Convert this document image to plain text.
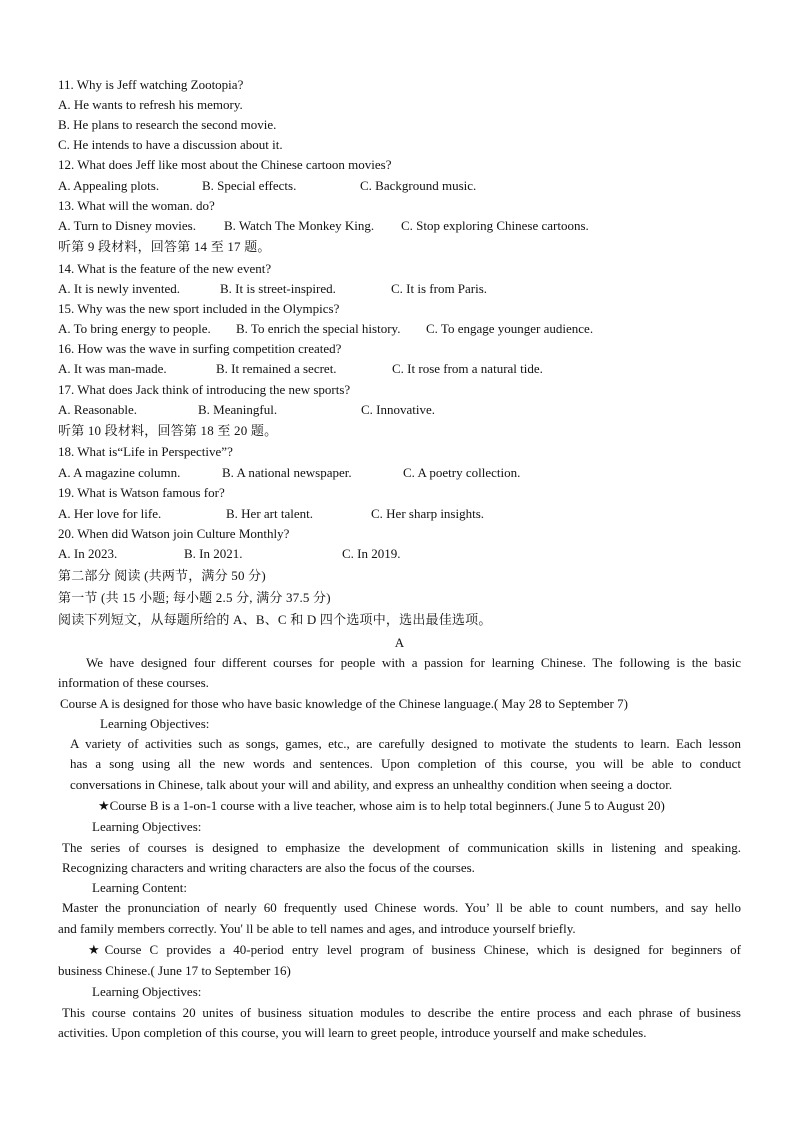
11. Why is Jeff watching Zootopia?
A. He wants to refresh his memory.
B. He plans to research the second movie.
C. He intends to have a discussion about it.
12. What does Jeff like most about the Chinese cartoon movies?
A. Appealing plots.	B. Special effects.	C. Background music.
13. What will the woman. do?
A. Turn to Disney movies. B. Watch The Monkey King. C. Stop exploring Chinese cartoons.
听第 9 段材料，回答第 14 至 17 题。
14. What is the feature of the new event?
A. It is newly invented.	B. It is street-inspired.	C. It is from Paris.
15. Why was the new sport included in the Olympics?
A. To bring energy to people. B. To enrich the special history. C. To engage younger audience.
16. How was the wave in surfing competition created?
A. It was man-made.	B. It remained a secret.	C. It rose from a natural tide.
17. What does Jack think of introducing the new sports?
A. Reasonable.	B. Meaningful.	C. Innovative.
听第 10 段材料，回答第 18 至 20 题。
18. What is“Life in Perspective”?
A. A magazine column.	B. A national newspaper.	C. A poetry collection.
19. What is Watson famous for?
A. Her love for life.	B. Her art talent.	C. Her sharp insights.
20. When did Watson join Culture Monthly?
A. In 2023.	B. In 2021.	C. In 2019.
第二部分 阅读 (共两节，满分 50 分)
第一节 (共 15 小题; 每小题 2.5 分, 满分 37.5 分)
阅读下列短文，从每题所给的 A、B、C 和 D 四个选项中，选出最佳选项。
A
We have designed four different courses for people with a passion for learning Chinese. The following is the basic
information of these courses.
Course A is designed for those who have basic knowledge of the Chinese language.( May 28 to September 7)
Learning Objectives:
A variety of activities such as songs, games, etc., are carefully designed to motivate the students to learn. Each lesson
has a song using all the new words and sentences. Upon completion of this course, you will be able to conduct
conversations in Chinese, talk about your will and ability, and express an unhealthy condition when seeing a doctor.
★Course B is a 1-on-1 course with a live teacher, whose aim is to help total beginners.( June 5 to August 20)
Learning Objectives:
The series of courses is designed to emphasize the development of communication skills in listening and speaking.
Recognizing characters and writing characters are also the focus of the courses.
Learning Content:
Master the pronunciation of nearly 60 frequently used Chinese words. You’ ll be able to count numbers, and say hello
and family members correctly. You' ll be able to tell names and ages, and introduce yourself briefly.
★Course C provides a 40-period entry level program of business Chinese, which is designed for beginners of
business Chinese.( June 17 to September 16)
Learning Objectives:
This course contains 20 unites of business situation modules to describe the entire process and each phrase of business
activities. Upon completion of this course, you will learn to greet people, introduce yourself and make schedules.
